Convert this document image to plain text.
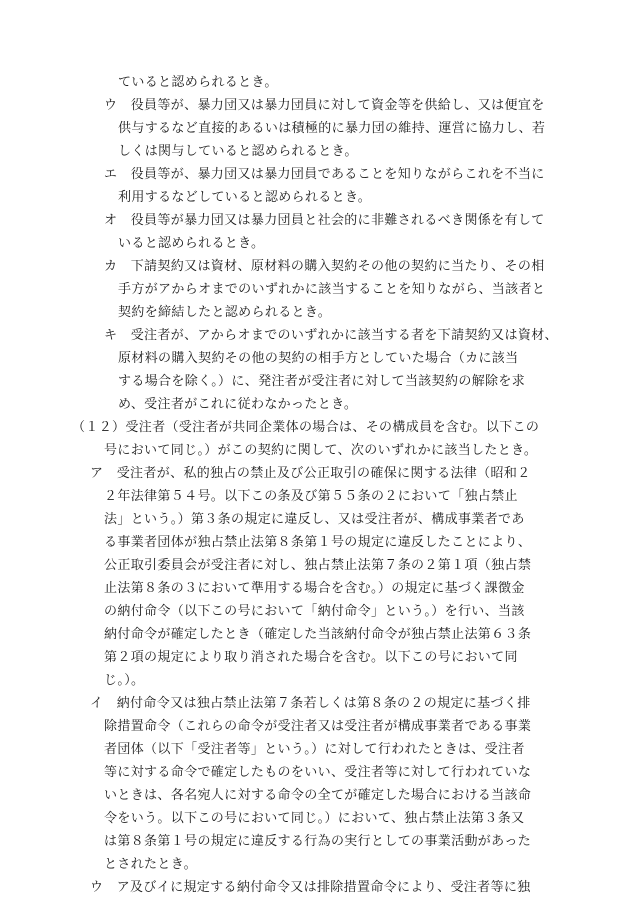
ていると認められるとき。
ウ　役員等が、暴力団又は暴力団員に対して資金等を供給し、又は便宜を
供与するなど直接的あるいは積極的に暴力団の維持、運営に協力し、若
しくは関与していると認められるとき。
エ　役員等が、暴力団又は暴力団員であることを知りながらこれを不当に
利用するなどしていると認められるとき。
オ　役員等が暴力団又は暴力団員と社会的に非難されるべき関係を有して
いると認められるとき。
カ　下請契約又は資材、原材料の購入契約その他の契約に当たり、その相
手方がアからオまでのいずれかに該当することを知りながら、当該者と
契約を締結したと認められるとき。
キ　受注者が、アからオまでのいずれかに該当する者を下請契約又は資材、
原材料の購入契約その他の契約の相手方としていた場合（カに該当
する場合を除く。）に、発注者が受注者に対して当該契約の解除を求
め、受注者がこれに従わなかったとき。
（１２）受注者（受注者が共同企業体の場合は、その構成員を含む。以下この
号において同じ。）がこの契約に関して、次のいずれかに該当したとき。
ア　受注者が、私的独占の禁止及び公正取引の確保に関する法律（昭和２
２年法律第５４号。以下この条及び第５５条の２において「独占禁止
法」という。）第３条の規定に違反し、又は受注者が、構成事業者であ
る事業者団体が独占禁止法第８条第１号の規定に違反したことにより、
公正取引委員会が受注者に対し、独占禁止法第７条の２第１項（独占禁
止法第８条の３において準用する場合を含む。）の規定に基づく課徴金
の納付命令（以下この号において「納付命令」という。）を行い、当該
納付命令が確定したとき（確定した当該納付命令が独占禁止法第６３条
第２項の規定により取り消された場合を含む。以下この号において同
じ。）。
イ　納付命令又は独占禁止法第７条若しくは第８条の２の規定に基づく排
除措置命令（これらの命令が受注者又は受注者が構成事業者である事業
者団体（以下「受注者等」という。）に対して行われたときは、受注者
等に対する命令で確定したものをいい、受注者等に対して行われていな
いときは、各名宛人に対する命令の全てが確定した場合における当該命
令をいう。以下この号において同じ。）において、独占禁止法第３条又
は第８条第１号の規定に違反する行為の実行としての事業活動があった
とされたとき。
ウ　ア及びイに規定する納付命令又は排除措置命令により、受注者等に独
